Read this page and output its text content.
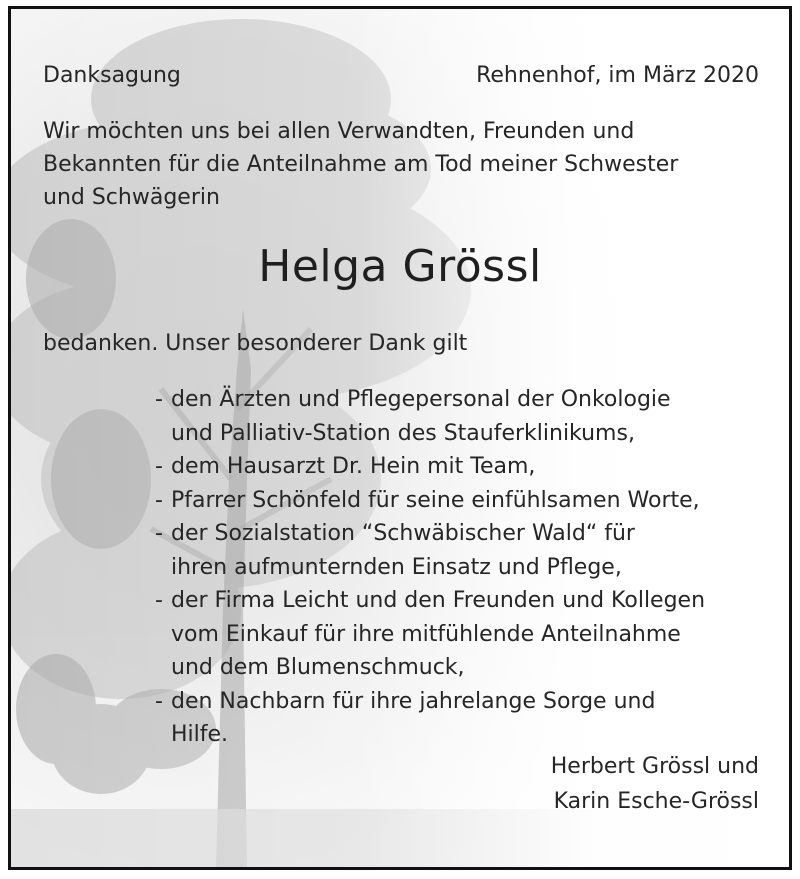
Danksagung	Rehnenhof, im März 2020
Wir möchten uns bei allen Verwandten, Freunden und
Bekannten für die Anteilnahme am Tod meiner Schwester
und Schwägerin
Helga Grössl
bedanken. Unser besonderer Dank gilt
- den Ärzten und Pflegepersonal der Onkologie
und Palliativ-Station des Stauferklinikums,
- dem Hausarzt Dr. Hein mit Team,
- Pfarrer Schönfeld für seine einfühlsamen Worte,
- der Sozialstation “Schwäbischer Wald“ für
ihren aufmunternden Einsatz und Pflege,
- der Firma Leicht und den Freunden und Kollegen
vom Einkauf für ihre mitfühlende Anteilnahme
und dem Blumenschmuck,
- den Nachbarn für ihre jahrelange Sorge und
Hilfe.
Herbert Grössl und
Karin Esche-Grössl
